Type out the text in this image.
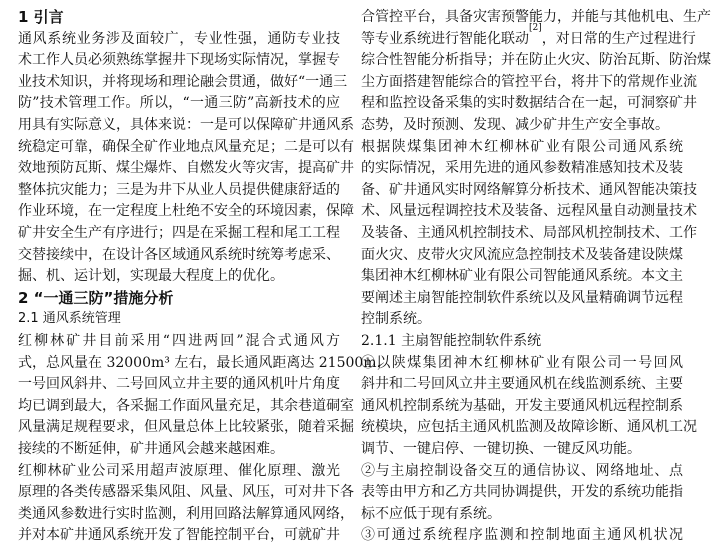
1 引言
通风系统业务涉及面较广，专业性强，通防专业技
术工作人员必须熟练掌握井下现场实际情况，掌握专
业技术知识，并将现场和理论融会贯通，做好“一通三
防”技术管理工作。所以，“一通三防”高新技术的应
用具有实际意义，具体来说：一是可以保障矿井通风系
统稳定可靠，确保全矿作业地点风量充足；二是可以有
效地预防瓦斯、煤尘爆炸、自燃发火等灾害，提高矿井
整体抗灾能力；三是为井下从业人员提供健康舒适的
作业环境，在一定程度上杜绝不安全的环境因素，保障
矿井安全生产有序进行；四是在采掘工程和尾工工程
交替接续中，在设计各区域通风系统时统筹考虑采、
掘、机、运计划，实现最大程度上的优化。
2 “一通三防”措施分析
2.1 通风系统管理
红柳林矿井目前采用“四进两回”混合式通风方
式，总风量在 32000m³ 左右，最长通风距离达 21500m，
一号回风斜井、二号回风立井主要的通风机叶片角度
均已调到最大，各采掘工作面风量充足，其余巷道硐室
风量满足规程要求，但风量总体上比较紧张，随着采掘
接续的不断延伸，矿井通风会越来越困难。
红柳林矿业公司采用超声波原理、催化原理、激光
原理的各类传感器采集风阻、风量、风压，可对井下各
类通风参数进行实时监测，利用回路法解算通风网络，
并对本矿井通风系统开发了智能控制平台，可就矿井
合管控平台，具备灾害预警能力，并能与其他机电、生产
等专业系统进行智能化联动[2]，对日常的生产过程进行
综合性智能分析指导；并在防止火灾、防治瓦斯、防治煤
尘方面搭建智能综合的管控平台，将井下的常规作业流
程和监控设备采集的实时数据结合在一起，可洞察矿井
态势，及时预测、发现、减少矿井生产安全事故。
根据陕煤集团神木红柳林矿业有限公司通风系统
的实际情况，采用先进的通风参数精准感知技术及装
备、矿井通风实时网络解算分析技术、通风智能决策技
术、风量远程调控技术及装备、远程风量自动测量技术
及装备、主通风机控制技术、局部风机控制技术、工作
面火灾、皮带火灾风流应急控制技术及装备建设陕煤
集团神木红柳林矿业有限公司智能通风系统。本文主
要阐述主扇智能控制软件系统以及风量精确调节远程
控制系统。
2.1.1 主扇智能控制软件系统
①以陕煤集团神木红柳林矿业有限公司一号回风
斜井和二号回风立井主要通风机在线监测系统、主要
通风机控制系统为基础，开发主要通风机远程控制系
统模块，应包括主通风机监测及故障诊断、通风机工况
调节、一键启停、一键切换、一键反风功能。
②与主扇控制设备交互的通信协议、网络地址、点
表等由甲方和乙方共同协调提供，开发的系统功能指
标不应低于现有系统。
③可通过系统程序监测和控制地面主通风机状况
